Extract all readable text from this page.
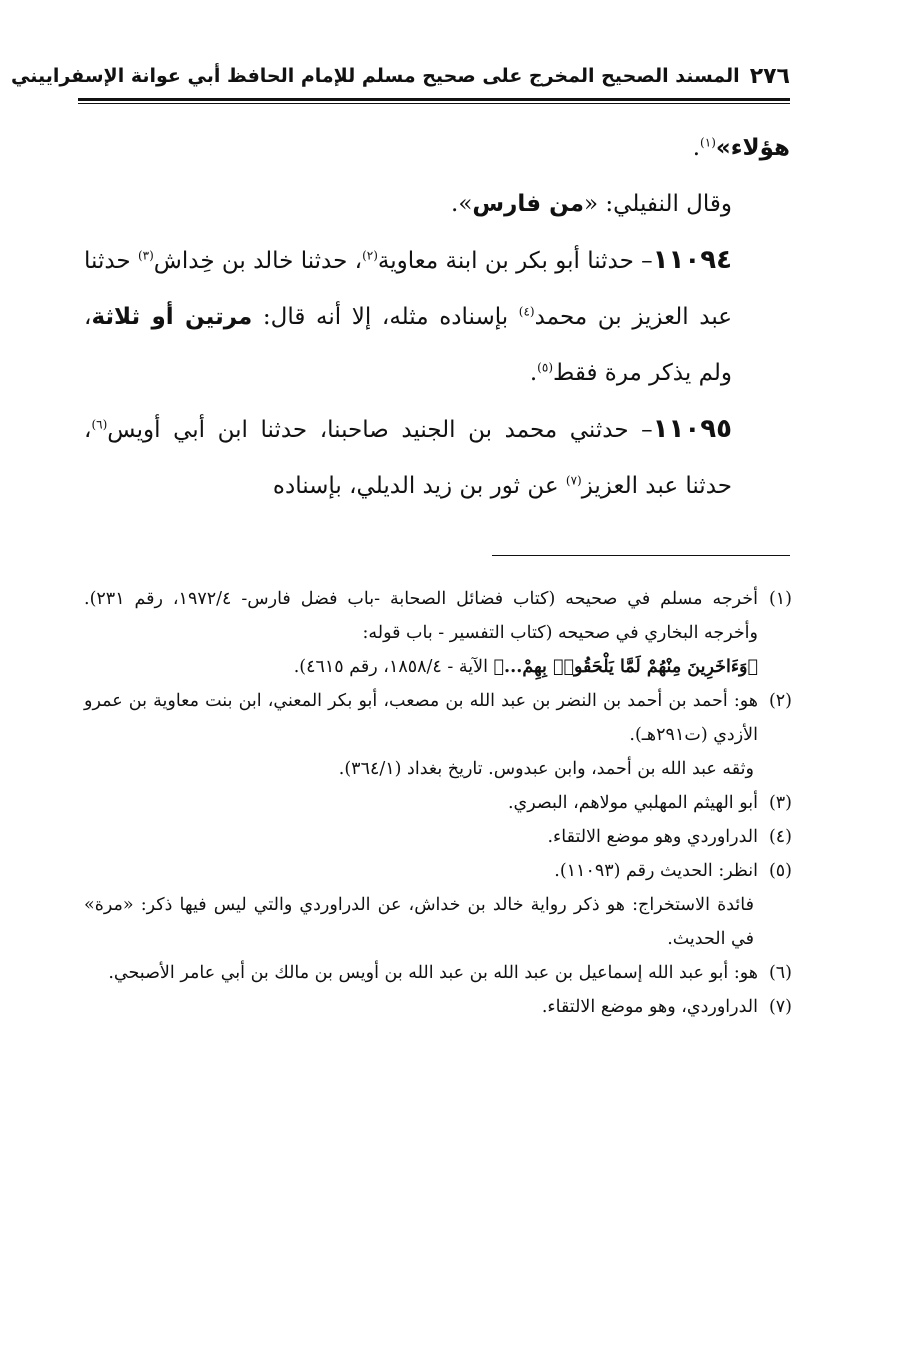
٢٧٦
المسند الصحيح المخرج على صحيح مسلم للإمام الحافظ أبي عوانة الإسفراييني

هؤلاء»$^{(١)}$.

وقال النفيلي: «من فارس».

١١٠٩٤– حدثنا أبو بكر بن ابنة معاوية$^{(٢)}$، حدثنا خالد بن خِداش$^{(٣)}$ حدثنا عبد العزيز بن محمد$^{(٤)}$ بإسناده مثله، إلا أنه قال: مرتين أو ثلاثة، ولم يذكر مرة فقط$^{(٥)}$.

١١٠٩٥– حدثني محمد بن الجنيد صاحبنا، حدثنا ابن أبي أويس$^{(٦)}$، حدثنا عبد العزيز$^{(٧)}$ عن ثور بن زيد الديلي، بإسناده

(١)
أخرجه مسلم في صحيحه (كتاب فضائل الصحابة -باب فضل فارس- ١٩٧٢/٤، رقم ٢٣١). وأخرجه البخاري في صحيحه (كتاب التفسير - باب قوله:
﴿وَءَاخَرِينَ مِنْهُمْ لَمَّا يَلْحَقُوا۟ بِهِمْ...﴾ الآية - ١٨٥٨/٤، رقم ٤٦١٥).
(٢)
هو: أحمد بن أحمد بن النضر بن عبد الله بن مصعب، أبو بكر المعني، ابن بنت معاوية بن عمرو الأزدي (ت٢٩١هـ).

وثقه عبد الله بن أحمد، وابن عبدوس. تاريخ بغداد (٣٦٤/١).

(٣)
أبو الهيثم المهلبي مولاهم، البصري.
(٤)
الدراوردي وهو موضع الالتقاء.
(٥)
انظر: الحديث رقم (١١٠٩٣).

فائدة الاستخراج: هو ذكر رواية خالد بن خداش، عن الدراوردي والتي ليس فيها ذكر: «مرة» في الحديث.

(٦)
هو: أبو عبد الله إسماعيل بن عبد الله بن عبد الله بن أويس بن مالك بن أبي عامر الأصبحي.
(٧)
الدراوردي، وهو موضع الالتقاء.
